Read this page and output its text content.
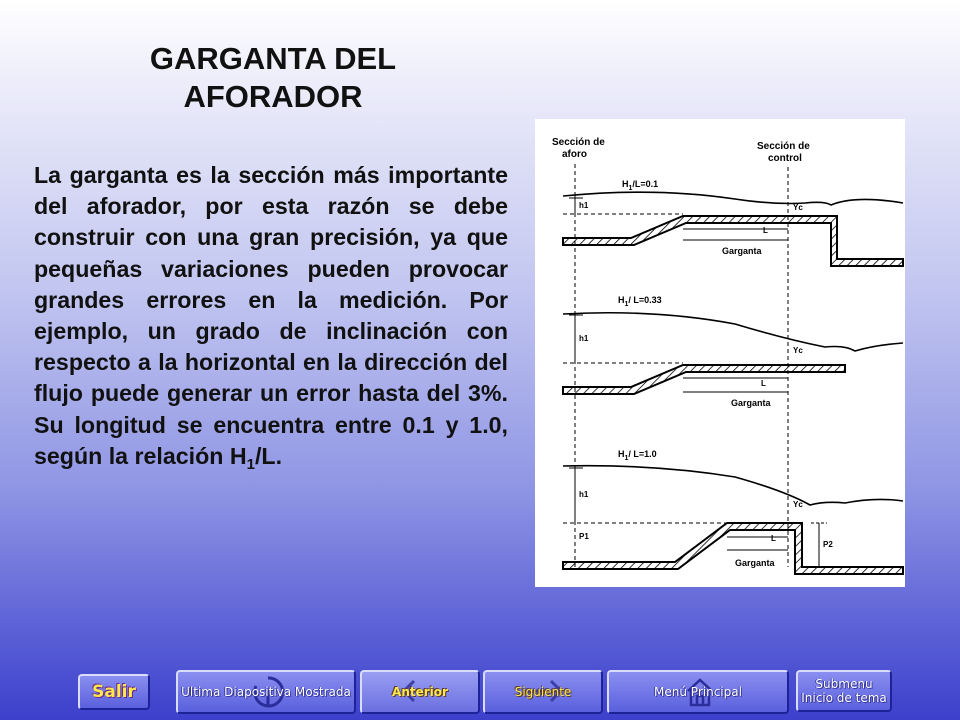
GARGANTA DEL AFORADOR

La garganta es la sección más importante del aforador, por esta razón se debe construir con una gran precisión, ya que pequeñas variaciones pueden provocar grandes errores en la medición. Por ejemplo, un grado de inclinación con respecto a la horizontal en la dirección del flujo puede generar un error hasta del 3%. Su longitud se encuentra entre 0.1 y 1.0, según la relación $H_1/L$.

Sección de
aforo
Sección de
control
$H_1/L=0.1$
h1	Yc
L
Garganta
$H_1/$ L=0.33
h1
Yc
L
Garganta
$H_1/$ L=1.0
h1
P1
Yc
L
Garganta
P2
Salir	Ultima Diapositiva Mostrada	Anterior	Siguiente	Menú Principal
Submenu
Inicio de tema
